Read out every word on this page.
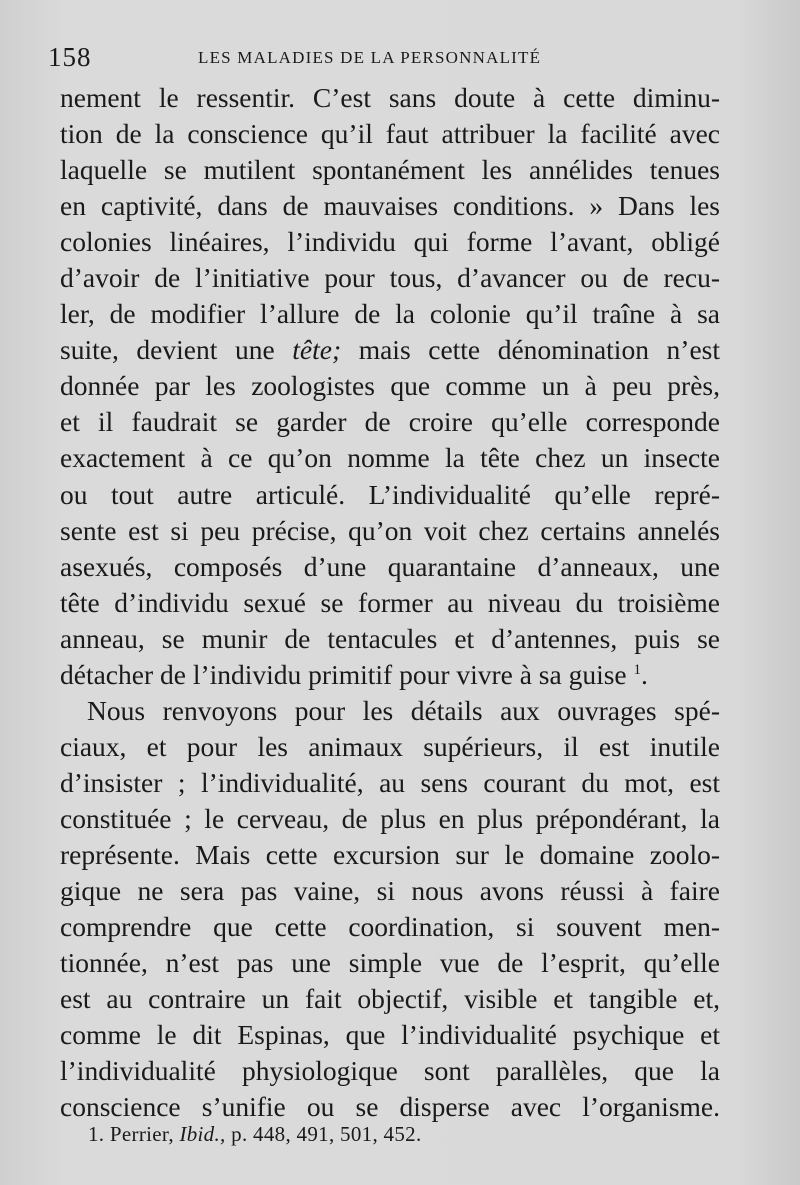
158	LES MALADIES DE LA PERSONNALITÉ
nement le ressentir. C’est sans doute à cette diminu-
tion de la conscience qu’il faut attribuer la facilité avec
laquelle se mutilent spontanément les annélides tenues
en captivité, dans de mauvaises conditions. » Dans les
colonies linéaires, l’individu qui forme l’avant, obligé
d’avoir de l’initiative pour tous, d’avancer ou de recu-
ler, de modifier l’allure de la colonie qu’il traîne à sa
suite, devient une tête; mais cette dénomination n’est
donnée par les zoologistes que comme un à peu près,
et il faudrait se garder de croire qu’elle corresponde
exactement à ce qu’on nomme la tête chez un insecte
ou tout autre articulé. L’individualité qu’elle repré-
sente est si peu précise, qu’on voit chez certains annelés
asexués, composés d’une quarantaine d’anneaux, une
tête d’individu sexué se former au niveau du troisième
anneau, se munir de tentacules et d’antennes, puis se
détacher de l’individu primitif pour vivre à sa guise $^1$.
Nous renvoyons pour les détails aux ouvrages spé-
ciaux, et pour les animaux supérieurs, il est inutile
d’insister ; l’individualité, au sens courant du mot, est
constituée ; le cerveau, de plus en plus prépondérant, la
représente. Mais cette excursion sur le domaine zoolo-
gique ne sera pas vaine, si nous avons réussi à faire
comprendre que cette coordination, si souvent men-
tionnée, n’est pas une simple vue de l’esprit, qu’elle
est au contraire un fait objectif, visible et tangible et,
comme le dit Espinas, que l’individualité psychique et
l’individualité physiologique sont parallèles, que la
conscience s’unifie ou se disperse avec l’organisme.
1. Perrier, Ibid., p. 448, 491, 501, 452.
